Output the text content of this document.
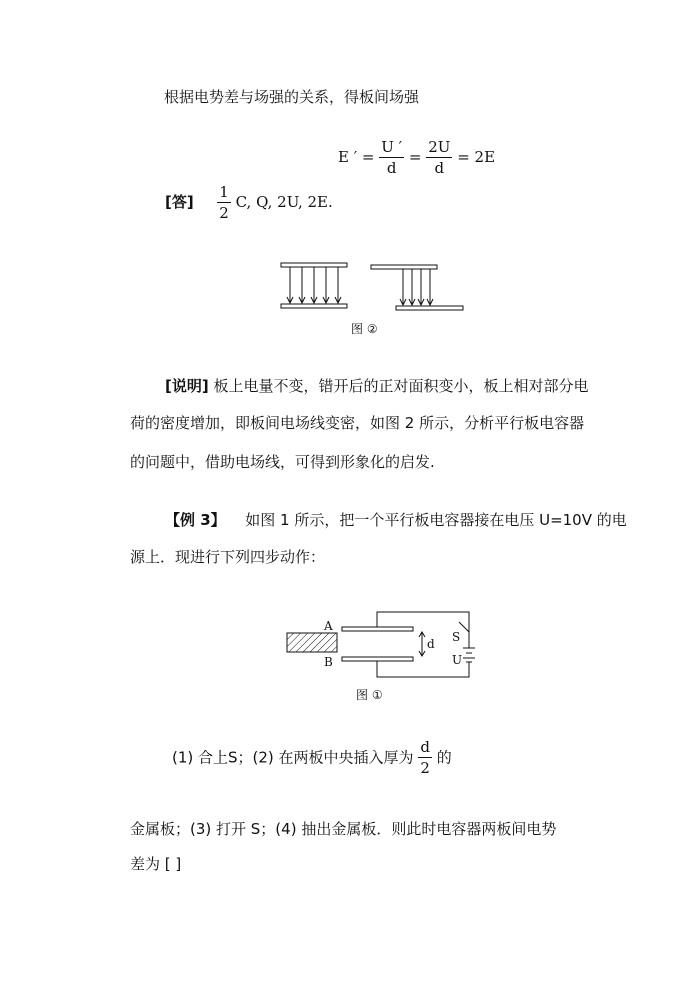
根据电势差与场强的关系，得板间场强
E ′ = $\frac{U '}{d} = \frac{2U}{d} = 2E$
[答] $\frac{1}{2} C$, Q, 2U, 2E.
图 ②
[说明] 板上电量不变，错开后的正对面积变小，板上相对部分电
荷的密度增加，即板间电场线变密，如图 2 所示，分析平行板电容器
的问题中，借助电场线，可得到形象化的启发.
【例 3】 如图 1 所示，把一个平行板电容器接在电压 U=10V 的电
源上．现进行下列四步动作：
A
B
d S
U
图 ①
(1) 合上S；(2) 在两板中央插入厚为 $\frac{d}{2}$ 的
金属板；(3) 打开 S；(4) 抽出金属板．则此时电容器两板间电势
差为 [ ]
